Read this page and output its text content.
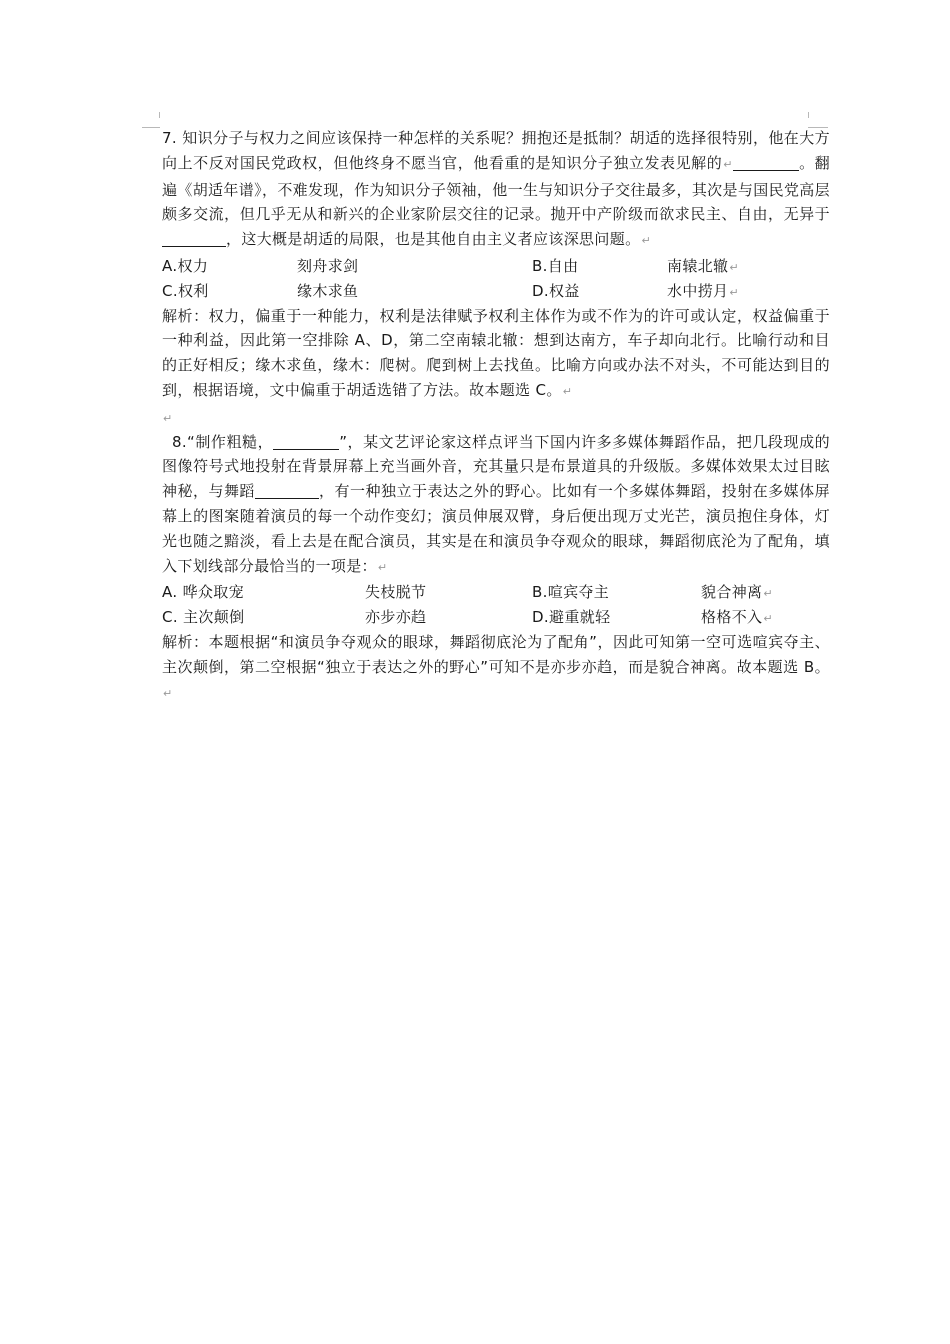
7. 知识分子与权力之间应该保持一种怎样的关系呢？拥抱还是抵制？胡适的选择很特别，他在大方向上不反对国民党政权，但他终身不愿当官，他看重的是知识分子独立发表见解的↵	。翻遍《胡适年谱》，不难发现，作为知识分子领袖，他一生与知识分子交往最多，其次是与国民党高层颇多交流，但几乎无从和新兴的企业家阶层交往的记录。抛开中产阶级而欲求民主、自由，无异于，这大概是胡适的局限，也是其他自由主义者应该深思问题。↵

A.权力	刻舟求剑	B.自由	南辕北辙↵
C.权利	缘木求鱼	D.权益	水中捞月↵

解析：权力，偏重于一种能力，权利是法律赋予权利主体作为或不作为的许可或认定，权益偏重于一种利益，因此第一空排除 A、D，第二空南辕北辙：想到达南方，车子却向北行。比喻行动和目的正好相反；缘木求鱼，缘木：爬树。爬到树上去找鱼。比喻方向或办法不对头，不可能达到目的到，根据语境，文中偏重于胡适选错了方法。故本题选 C。↵

↵

8.“制作粗糙，	”，某文艺评论家这样点评当下国内许多多媒体舞蹈作品，把几段现成的图像符号式地投射在背景屏幕上充当画外音，充其量只是布景道具的升级版。多媒体效果太过目眩神秘，与舞蹈	，有一种独立于表达之外的野心。比如有一个多媒体舞蹈，投射在多媒体屏幕上的图案随着演员的每一个动作变幻；演员伸展双臂，身后便出现万丈光芒，演员抱住身体，灯光也随之黯淡，看上去是在配合演员，其实是在和演员争夺观众的眼球，舞蹈彻底沦为了配角，填入下划线部分最恰当的一项是：↵

A. 哗众取宠	失枝脱节	B.喧宾夺主	貌合神离↵
C. 主次颠倒	亦步亦趋	D.避重就轻	格格不入↵

解析：本题根据“和演员争夺观众的眼球，舞蹈彻底沦为了配角”，因此可知第一空可选喧宾夺主、主次颠倒，第二空根据“独立于表达之外的野心”可知不是亦步亦趋，而是貌合神离。故本题选 B。↵
